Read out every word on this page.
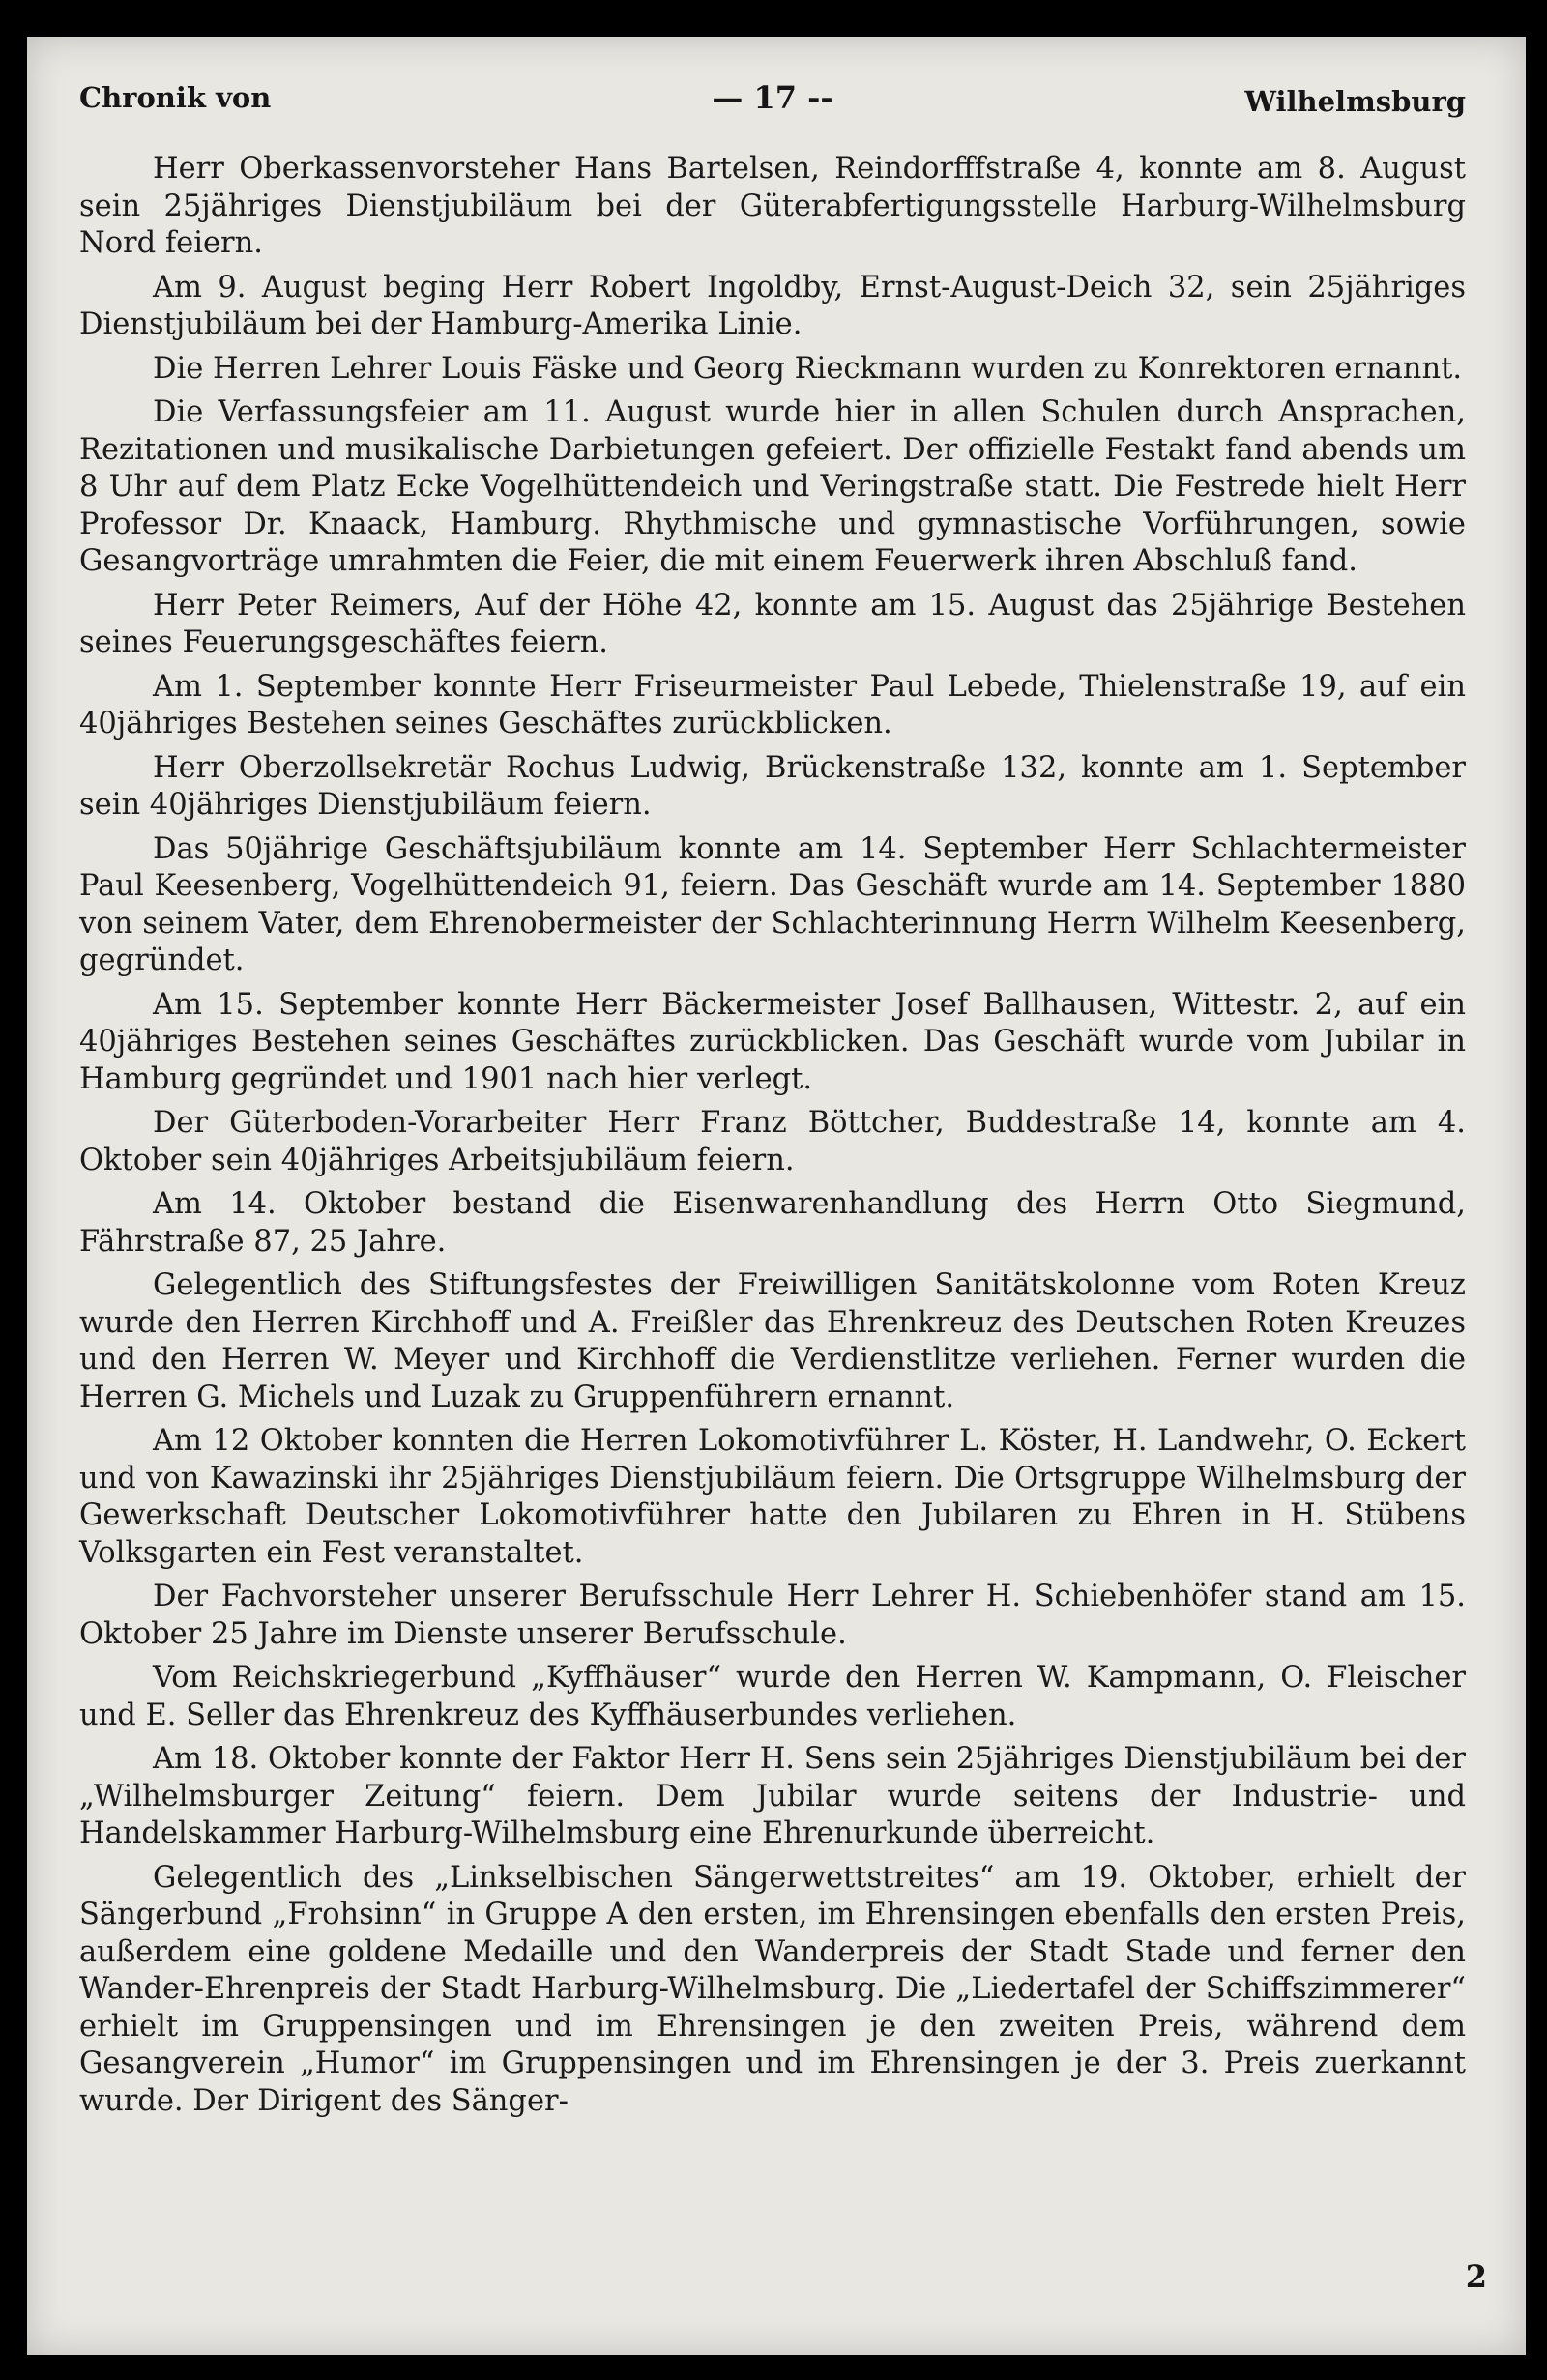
Chronik von	— 17 --	Wilhelmsburg

Herr Oberkassenvorsteher Hans Bartelsen, Reindorfffstraße 4, konnte am 8. August sein 25jähriges Dienstjubiläum bei der Güterabfertigungsstelle Harburg-Wilhelmsburg Nord feiern.

Am 9. August beging Herr Robert Ingoldby, Ernst-August-Deich 32, sein 25jähriges Dienstjubiläum bei der Hamburg-Amerika Linie.

Die Herren Lehrer Louis Fäske und Georg Rieckmann wurden zu Konrektoren ernannt.

Die Verfassungsfeier am 11. August wurde hier in allen Schulen durch Ansprachen, Rezitationen und musikalische Darbietungen gefeiert. Der offizielle Festakt fand abends um 8 Uhr auf dem Platz Ecke Vogelhüttendeich und Veringstraße statt. Die Festrede hielt Herr Professor Dr. Knaack, Hamburg. Rhythmische und gymnastische Vorführungen, sowie Gesangvorträge umrahmten die Feier, die mit einem Feuerwerk ihren Abschluß fand.

Herr Peter Reimers, Auf der Höhe 42, konnte am 15. August das 25jährige Bestehen seines Feuerungsgeschäftes feiern.

Am 1. September konnte Herr Friseurmeister Paul Lebede, Thielenstraße 19, auf ein 40jähriges Bestehen seines Geschäftes zurückblicken.

Herr Oberzollsekretär Rochus Ludwig, Brückenstraße 132, konnte am 1. September sein 40jähriges Dienstjubiläum feiern.

Das 50jährige Geschäftsjubiläum konnte am 14. September Herr Schlachtermeister Paul Keesenberg, Vogelhüttendeich 91, feiern. Das Geschäft wurde am 14. September 1880 von seinem Vater, dem Ehrenobermeister der Schlachterinnung Herrn Wilhelm Keesenberg, gegründet.

Am 15. September konnte Herr Bäckermeister Josef Ballhausen, Wittestr. 2, auf ein 40jähriges Bestehen seines Geschäftes zurückblicken. Das Geschäft wurde vom Jubilar in Hamburg gegründet und 1901 nach hier verlegt.

Der Güterboden-Vorarbeiter Herr Franz Böttcher, Buddestraße 14, konnte am 4. Oktober sein 40jähriges Arbeitsjubiläum feiern.

Am 14. Oktober bestand die Eisenwarenhandlung des Herrn Otto Siegmund, Fährstraße 87, 25 Jahre.

Gelegentlich des Stiftungsfestes der Freiwilligen Sanitätskolonne vom Roten Kreuz wurde den Herren Kirchhoff und A. Freißler das Ehrenkreuz des Deutschen Roten Kreuzes und den Herren W. Meyer und Kirchhoff die Verdienstlitze verliehen. Ferner wurden die Herren G. Michels und Luzak zu Gruppenführern ernannt.

Am 12 Oktober konnten die Herren Lokomotivführer L. Köster, H. Landwehr, O. Eckert und von Kawazinski ihr 25jähriges Dienstjubiläum feiern. Die Ortsgruppe Wilhelmsburg der Gewerkschaft Deutscher Lokomotivführer hatte den Jubilaren zu Ehren in H. Stübens Volksgarten ein Fest veranstaltet.

Der Fachvorsteher unserer Berufsschule Herr Lehrer H. Schiebenhöfer stand am 15. Oktober 25 Jahre im Dienste unserer Berufsschule.

Vom Reichskriegerbund „Kyffhäuser“ wurde den Herren W. Kampmann, O. Fleischer und E. Seller das Ehrenkreuz des Kyffhäuserbundes verliehen.

Am 18. Oktober konnte der Faktor Herr H. Sens sein 25jähriges Dienstjubiläum bei der „Wilhelmsburger Zeitung“ feiern. Dem Jubilar wurde seitens der Industrie- und Handelskammer Harburg-Wilhelmsburg eine Ehrenurkunde überreicht.

Gelegentlich des „Linkselbischen Sängerwettstreites“ am 19. Oktober, erhielt der Sängerbund „Frohsinn“ in Gruppe A den ersten, im Ehrensingen ebenfalls den ersten Preis, außerdem eine goldene Medaille und den Wanderpreis der Stadt Stade und ferner den Wander-Ehrenpreis der Stadt Harburg-Wilhelmsburg. Die „Liedertafel der Schiffszimmerer“ erhielt im Gruppensingen und im Ehrensingen je den zweiten Preis, während dem Gesangverein „Humor“ im Gruppensingen und im Ehrensingen je der 3. Preis zuerkannt wurde. Der Dirigent des Sänger-

2
